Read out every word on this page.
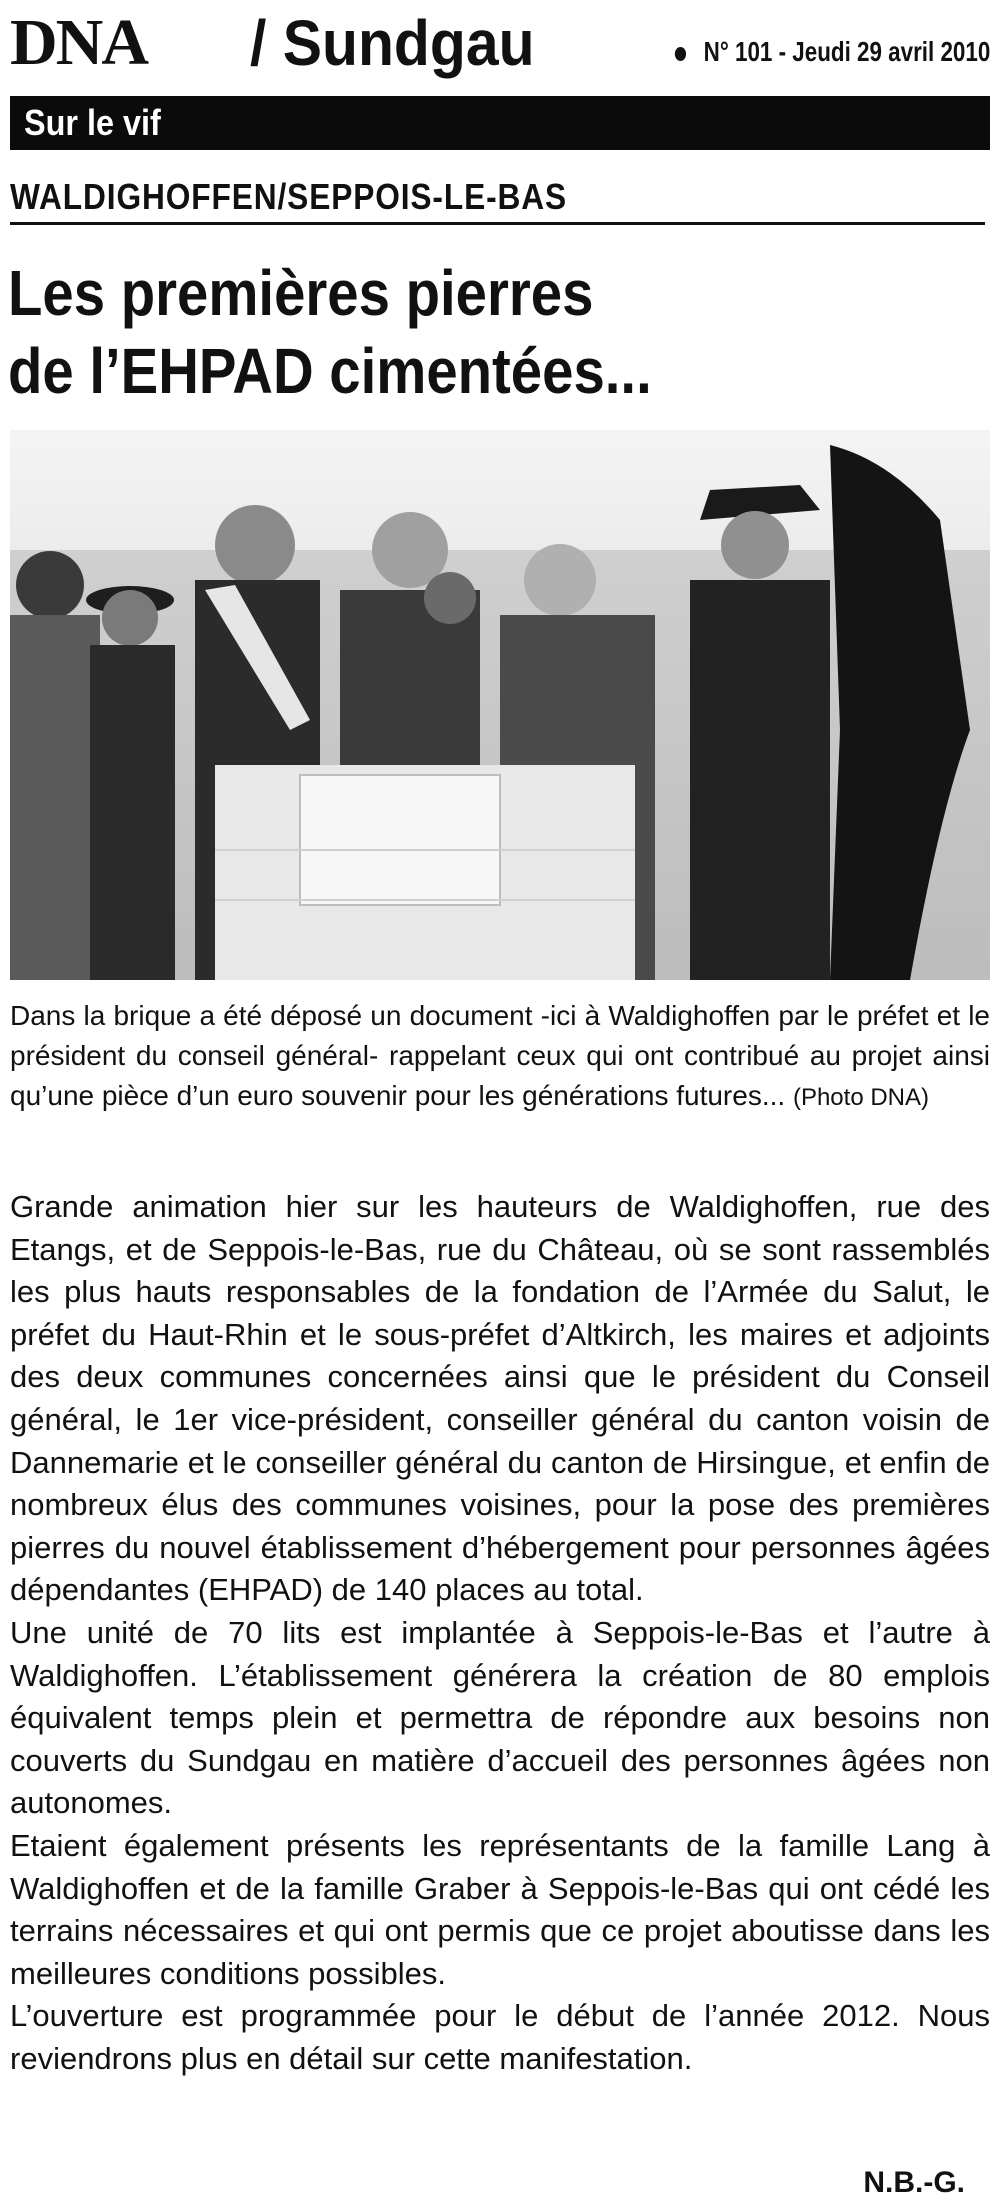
DNA / Sundgau	N° 101 - Jeudi 29 avril 2010
Sur le vif
WALDIGHOFFEN/SEPPOIS-LE-BAS
Les premières pierres
de l’EHPAD cimentées...
Dans la brique a été déposé un document -ici à Waldighoffen par le préfet et le président du conseil général- rappelant ceux qui ont contribué au projet ainsi qu’une pièce d’un euro souvenir pour les générations futures... (Photo DNA)

Grande animation hier sur les hauteurs de Waldighoffen, rue des Etangs, et de Seppois-le-Bas, rue du Château, où se sont rassemblés les plus hauts responsables de la fondation de l’Armée du Salut, le préfet du Haut-Rhin et le sous-préfet d’Altkirch, les maires et adjoints des deux communes concernées ainsi que le président du Conseil général, le 1er vice-président, conseiller général du canton voisin de Dannemarie et le conseiller général du canton de Hirsingue, et enfin de nombreux élus des communes voisines, pour la pose des premières pierres du nouvel établissement d’hébergement pour personnes âgées dépendantes (EHPAD) de 140 places au total.

Une unité de 70 lits est implantée à Seppois-le-Bas et l’autre à Waldighoffen. L’établissement générera la création de 80 emplois équivalent temps plein et permettra de répondre aux besoins non couverts du Sundgau en matière d’accueil des personnes âgées non autonomes.

Etaient également présents les représentants de la famille Lang à Waldighoffen et de la famille Graber à Seppois-le-Bas qui ont cédé les terrains nécessaires et qui ont permis que ce projet aboutisse dans les meilleures conditions possibles.

L’ouverture est programmée pour le début de l’année 2012. Nous reviendrons plus en détail sur cette manifestation.

N.B.-G.
